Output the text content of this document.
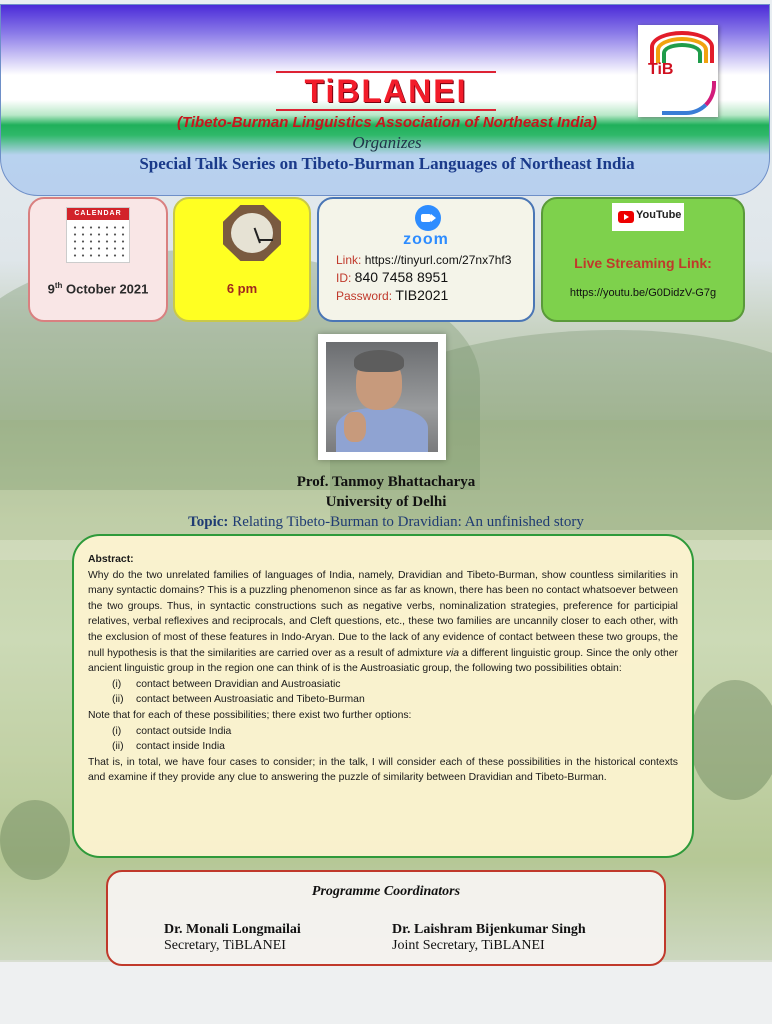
TiBLANEI
(Tibeto-Burman Linguistics Association of Northeast India)
Organizes
Special Talk Series on Tibeto-Burman Languages of Northeast India
TiB
CALENDAR
9th October 2021	6 pm
zoom
Link: https://tinyurl.com/27nx7hf3
ID: 840 7458 8951
Password: TIB2021
YouTube
Live Streaming Link:
https://youtu.be/G0DidzV-G7g
Prof. Tanmoy Bhattacharya
University of Delhi
Topic: Relating Tibeto-Burman to Dravidian: An unfinished story
Abstract:
Why do the two unrelated families of languages of India, namely, Dravidian and Tibeto-Burman, show countless similarities in many syntactic domains? This is a puzzling phenomenon since as far as known, there has been no contact whatsoever between the two groups. Thus, in syntactic constructions such as negative verbs, nominalization strategies, preference for participial relatives, verbal reflexives and reciprocals, and Cleft questions, etc., these two families are uncannily closer to each other, with the exclusion of most of these features in Indo-Aryan. Due to the lack of any evidence of contact between these two groups, the null hypothesis is that the similarities are carried over as a result of admixture via a different linguistic group. Since the only other ancient linguistic group in the region one can think of is the Austroasiatic group, the following two possibilities obtain:
(i) contact between Dravidian and Austroasiatic
(ii) contact between Austroasiatic and Tibeto-Burman
Note that for each of these possibilities; there exist two further options:
(i) contact outside India
(ii) contact inside India
That is, in total, we have four cases to consider; in the talk, I will consider each of these possibilities in the historical contexts and examine if they provide any clue to answering the puzzle of similarity between Dravidian and Tibeto-Burman.
Programme Coordinators
Dr. Monali Longmailai
Secretary, TiBLANEI
Dr. Laishram Bijenkumar Singh
Joint Secretary, TiBLANEI
